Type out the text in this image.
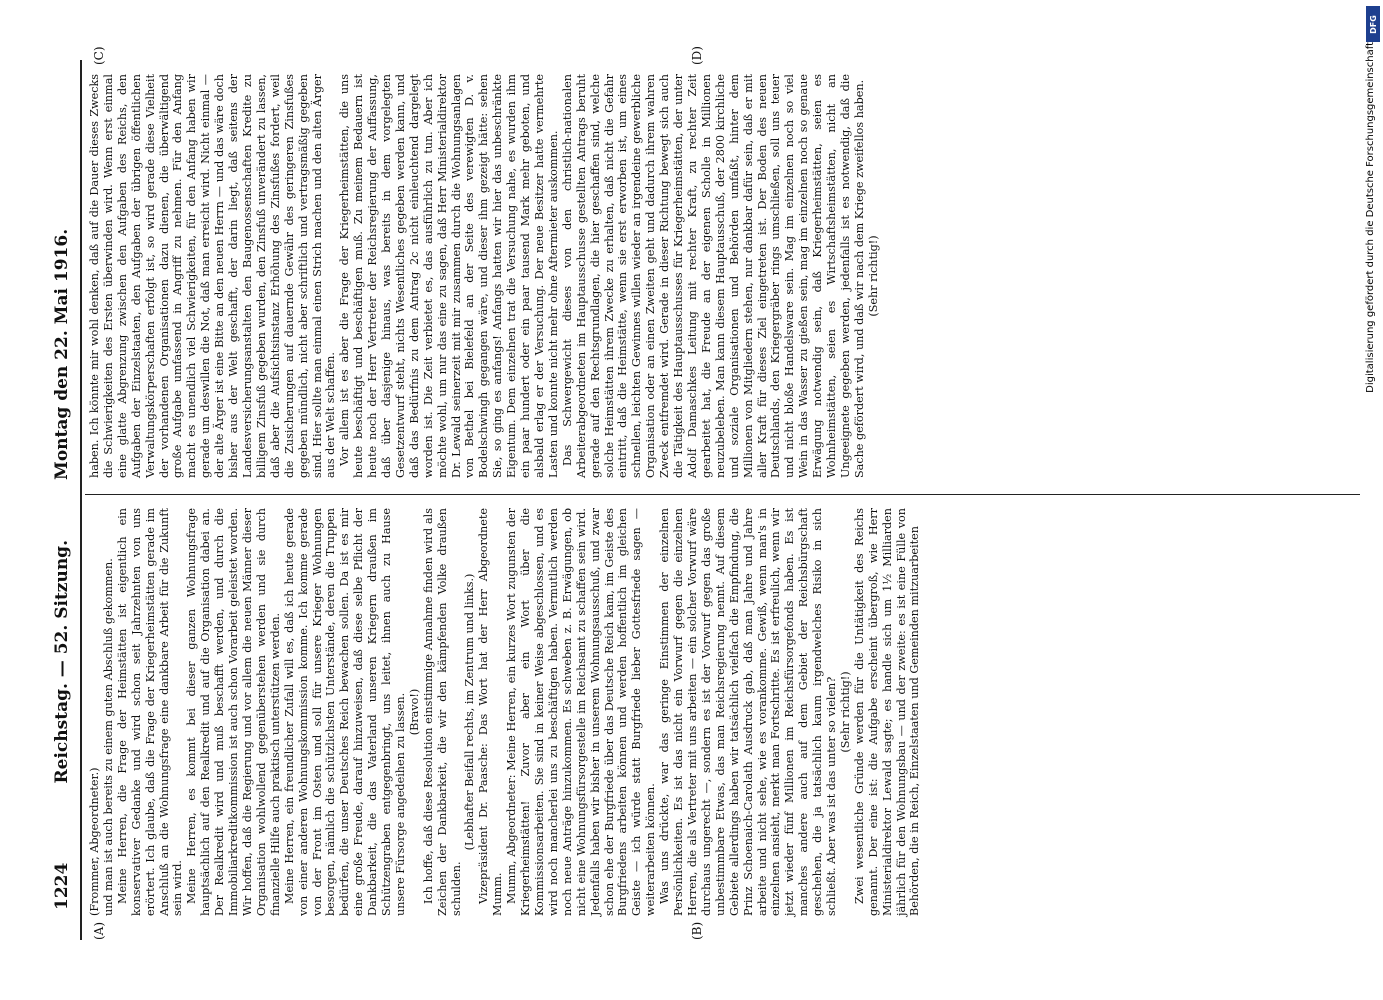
1224
Reichstag. — 52. Sitzung.
Montag den 22. Mai 1916.
(A)	(B)
(C)	(D)

(Frommer, Abgeordneter.) und man ist auch bereits zu einem guten Abschluß gekommen. Meine Herren, die Frage der Heimstätten ist eigentlich ein konservativer Gedanke und wird schon seit Jahrzehnten von uns erörtert. Ich glaube, daß die Frage der Kriegerheimstätten gerade im Anschluß an die Wohnungsfrage eine dankbare Arbeit für die Zukunft sein wird. Meine Herren, es kommt bei dieser ganzen Wohnungsfrage hauptsächlich auf den Realkredit und auf die Organisation dabei an. Der Realkredit wird und muß beschafft werden, und durch die Immobiliarkreditkommission ist auch schon Vorarbeit geleistet worden. Wir hoffen, daß die Regierung und vor allem die neuen Männer dieser Organisation wohlwollend gegenüberstehen werden und sie durch finanzielle Hilfe auch praktisch unterstützen werden. Meine Herren, ein freundlicher Zufall will es, daß ich heute gerade von einer anderen Wohnungskommission komme. Ich komme gerade von der Front im Osten und soll für unsere Krieger Wohnungen besorgen, nämlich die schützlichsten Unterstände, deren die Truppen bedürfen, die unser Deutsches Reich bewachen sollen. Da ist es mir eine große Freude, darauf hinzuweisen, daß diese selbe Pflicht der Dankbarkeit, die das Vaterland unseren Kriegern draußen im Schützengraben entgegenbringt, uns leitet, ihnen auch zu Hause unsere Fürsorge angedeihen zu lassen. (Bravo!) Ich hoffe, daß diese Resolution einstimmige Annahme finden wird als Zeichen der Dankbarkeit, die wir den kämpfenden Volke draußen schulden.

(Lebhafter Beifall rechts, im Zentrum und links.) Vizepräsident Dr. Paasche: Das Wort hat der Herr Abgeordnete Mumm. Mumm, Abgeordneter: Meine Herren, ein kurzes Wort zugunsten der Kriegerheimstätten! Zuvor aber ein Wort über die Kommissionsarbeiten. Sie sind in keiner Weise abgeschlossen, und es wird noch mancherlei uns zu beschäftigen haben. Vermutlich werden noch neue Anträge hinzukommen. Es schweben z. B. Erwägungen, ob nicht eine Wohnungsfürsorgestelle im Reichsamt zu schaffen sein wird. Jedenfalls haben wir bisher in unserem Wohnungsausschuß, und zwar schon ehe der Burgfriede über das Deutsche Reich kam, im Geiste des Burgfriedens arbeiten können und werden hoffentlich im gleichen Geiste — ich würde statt Burgfriede lieber Gottesfriede sagen — weiterarbeiten können. Was uns drückte, war das geringe Einstimmen der einzelnen Persönlichkeiten. Es ist das nicht ein Vorwurf gegen die einzelnen Herren, die als Vertreter mit uns arbeiten — ein solcher Vorwurf wäre durchaus ungerecht —, sondern es ist der Vorwurf gegen das große unbestimmbare Etwas, das man Reichsregierung nennt. Auf diesem Gebiete allerdings haben wir tatsächlich vielfach die Empfindung, die Prinz Schoenaich-Carolath Ausdruck gab, daß man Jahre und Jahre arbeite und nicht sehe, wie es vorankomme. Gewiß, wenn man's in einzelnen ansieht, merkt man Fortschritte. Es ist erfreulich, wenn wir jetzt wieder fünf Millionen im Reichsfürsorgefonds haben. Es ist manches andere auch auf dem Gebiet der Reichsbürgschaft geschehen, die ja tatsächlich kaum irgendwelches Risiko in sich schließt. Aber was ist das unter so vielen? (Sehr richtig!) Zwei wesentliche Gründe werden für die Untätigkeit des Reichs genannt. Der eine ist: die Aufgabe erscheint übergroß, wie Herr Ministerialdirektor Lewald sagte; es handle sich um 1½ Milliarden jährlich für den Wohnungsbau — und der zweite: es ist eine Fülle von Behörden, die in Reich, Einzelstaaten und Gemeinden mitzuarbeiten

haben. Ich könnte mir wohl denken, daß auf die Dauer dieses Zwecks die Schwierigkeiten des Ersten überwinden wird. Wenn erst einmal eine glatte Abgrenzung zwischen den Aufgaben des Reichs, den Aufgaben der Einzelstaaten, den Aufgaben der übrigen öffentlichen Verwaltungskörperschaften erfolgt ist, so wird gerade diese Vielheit der vorhandenen Organisationen dazu dienen, die überwältigend große Aufgabe umfassend in Angriff zu nehmen. Für den Anfang macht es unendlich viel Schwierigkeiten, für den Anfang haben wir gerade um deswillen die Not, daß man erreicht wird. Nicht einmal — der alte Ärger ist eine Bitte an den neuen Herrn — und das wäre doch bisher aus der Welt geschafft, der darin liegt, daß seitens der Landesversicherungsanstalten den Baugenossenschaften Kredite zu billigem Zinsfuß gegeben wurden, den Zinsfuß unverändert zu lassen, daß aber die Aufsichtsinstanz Erhöhung des Zinsfußes fordert, weil die Zusicherungen auf dauernde Gewähr des geringeren Zinsfußes gegeben mündlich, nicht aber schriftlich und vertragsmäßig gegeben sind. Hier sollte man einmal einen Strich machen und den alten Ärger aus der Welt schaffen. Vor allem ist es aber die Frage der Kriegerheimstätten, die uns heute beschäftigt und beschäftigen muß. Zu meinem Bedauern ist heute noch der Herr Vertreter der Reichsregierung der Auffassung, daß über dasjenige hinaus, was bereits in dem vorgelegten Gesetzentwurf steht, nichts Wesentliches gegeben werden kann, und daß das Bedürfnis zu dem Antrag 2c nicht einleuchtend dargelegt worden ist. Die Zeit verbietet es, das ausführlich zu tun. Aber ich möchte wohl, um nur das eine zu sagen, daß Herr Ministerialdirektor Dr. Lewald seinerzeit mit mir zusammen durch die Wohnungsanlagen von Bethel bei Bielefeld an der Seite des verewigten D. v. Bodelschwingh gegangen wäre, und dieser ihm gezeigt hätte: sehen Sie, so ging es anfangs! Anfangs hatten wir hier das unbeschränkte Eigentum. Dem einzelnen trat die Versuchung nahe, es wurden ihm ein paar hundert oder ein paar tausend Mark mehr geboten, und alsbald erlag er der Versuchung. Der neue Besitzer hatte vermehrte Lasten und konnte nicht mehr ohne Aftermieter auskommen. Das Schwergewicht dieses von den christlich-nationalen Arbeiterabgeordneten im Hauptausschusse gestellten Antrags beruht gerade auf den Rechtsgrundlagen, die hier geschaffen sind, welche solche Heimstätten ihrem Zwecke zu erhalten, daß nicht die Gefahr eintritt, daß die Heimstätte, wenn sie erst erworben ist, um eines schnellen, leichten Gewinnes willen wieder an irgendeine gewerbliche Organisation oder an einen Zweiten geht und dadurch ihrem wahren Zweck entfremdet wird. Gerade in dieser Richtung bewegt sich auch die Tätigkeit des Hauptausschusses für Kriegerheimstätten, der unter Adolf Damaschkes Leitung mit rechter Kraft, zu rechter Zeit gearbeitet hat, die Freude an der eigenen Scholle in Millionen neuzubeleben. Man kann diesem Hauptausschuß, der 2800 kirchliche und soziale Organisationen und Behörden umfaßt, hinter dem Millionen von Mitgliedern stehen, nur dankbar dafür sein, daß er mit aller Kraft für dieses Ziel eingetreten ist. Der Boden des neuen Deutschlands, den Kriegergräber rings umschließen, soll uns teuer und nicht bloße Handelsware sein. Mag im einzelnen noch so viel Wein in das Wasser zu gießen sein, mag im einzelnen noch so genaue Erwägung notwendig sein, daß Kriegerheimstätten, seien es Wohnheimstätten, seien es Wirtschaftsheimstätten, nicht an Ungeeignete gegeben werden, jedenfalls ist es notwendig, daß die Sache gefördert wird, und daß wir nach dem Kriege zweifellos haben. (Sehr richtig!)

DFG
Digitalisierung gefördert durch die Deutsche Forschungsgemeinschaft
